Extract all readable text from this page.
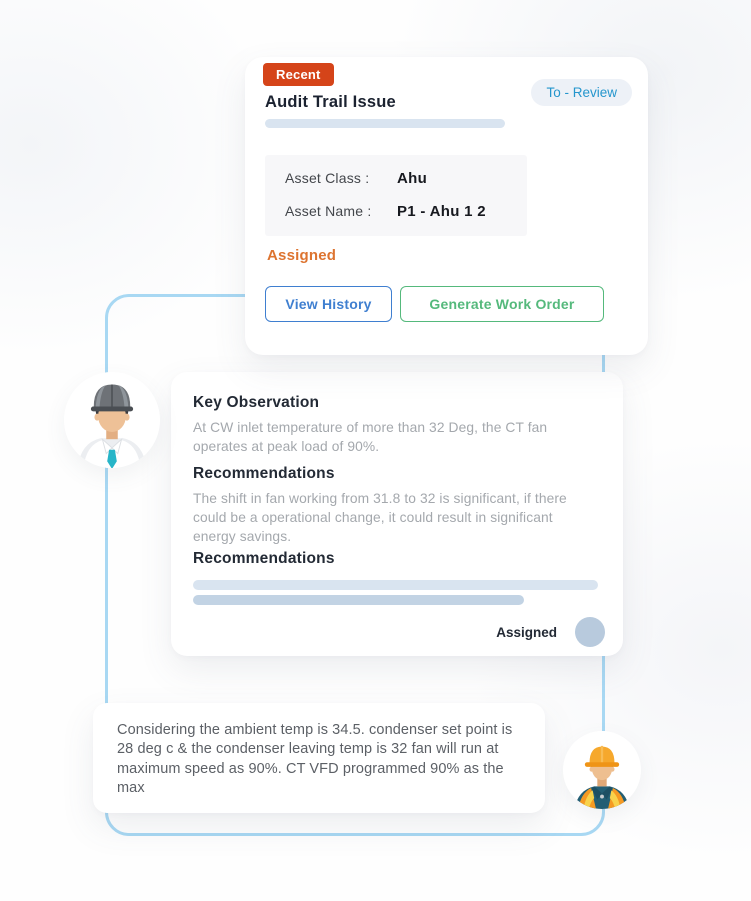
Recent
Audit Trail Issue
To - Review
Asset Class :	Ahu
Asset Name :	P1 - Ahu 1 2
Assigned
View History	Generate Work Order
Key Observation
At CW inlet temperature of more than 32 Deg, the CT fan operates at peak load of 90%.
Recommendations
The shift in fan working from 31.8 to 32 is significant, if there could be a operational change, it could result in significant energy savings.
Recommendations
Assigned
Considering the ambient temp is 34.5. condenser set point is 28 deg c & the condenser leaving temp is 32 fan will run at maximum speed as 90%. CT VFD programmed 90% as the max
